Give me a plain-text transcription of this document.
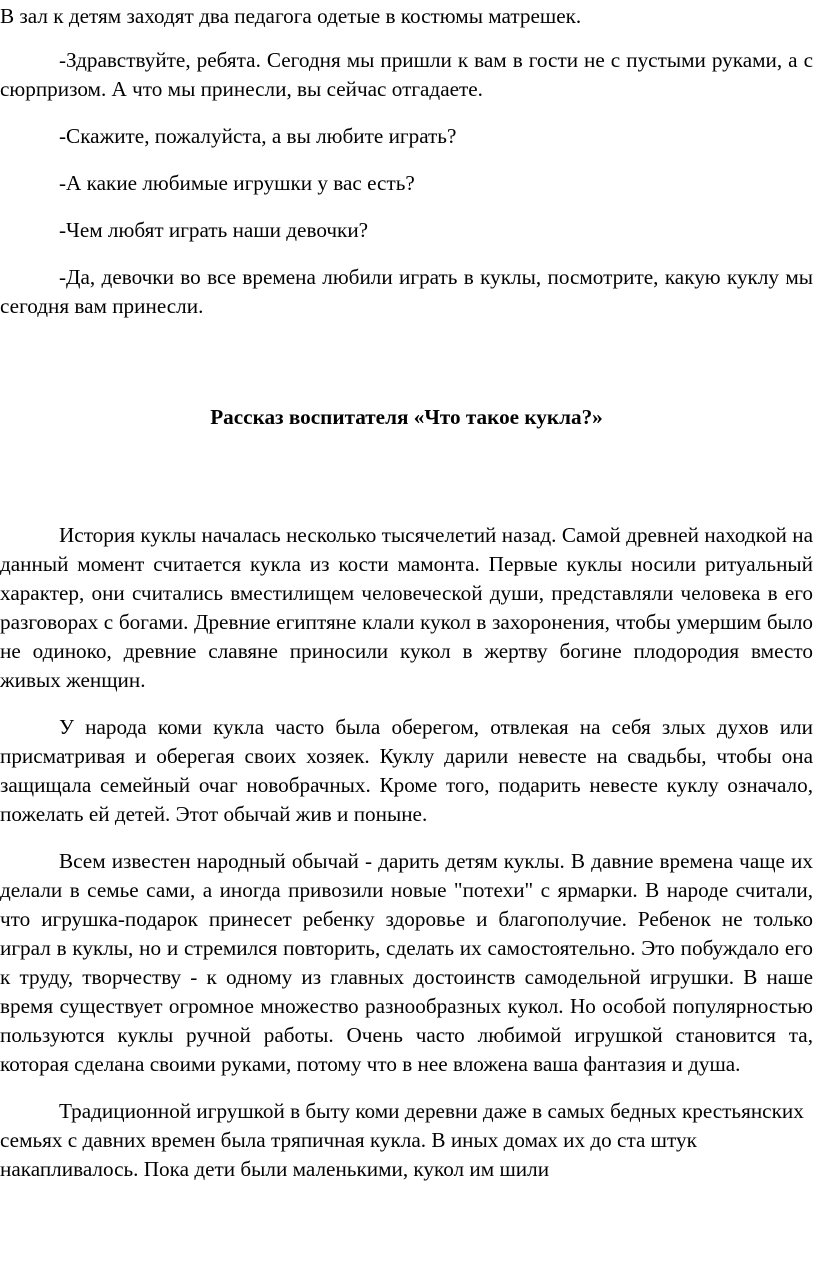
В зал к детям заходят два педагога одетые в костюмы матрешек.

-Здравствуйте, ребята. Сегодня мы пришли к вам в гости не с пустыми руками, а с сюрпризом. А что мы принесли, вы сейчас отгадаете.

-Скажите, пожалуйста, а вы любите играть?

-А какие любимые игрушки у вас есть?

-Чем любят играть наши девочки?

-Да, девочки во все времена любили играть в куклы, посмотрите, какую куклу мы сегодня вам принесли.

Рассказ воспитателя «Что такое кукла?»

История куклы началась несколько тысячелетий назад. Самой древней находкой на данный момент считается кукла из кости мамонта. Первые куклы носили ритуальный характер, они считались вместилищем человеческой души, представляли человека в его разговорах с богами. Древние египтяне клали кукол в захоронения, чтобы умершим было не одиноко, древние славяне приносили кукол в жертву богине плодородия вместо живых женщин.

У народа коми кукла часто была оберегом, отвлекая на себя злых духов или присматривая и оберегая своих хозяек. Куклу дарили невесте на свадьбы, чтобы она защищала семейный очаг новобрачных. Кроме того, подарить невесте куклу означало, пожелать ей детей. Этот обычай жив и поныне.

Всем известен народный обычай - дарить детям куклы. В давние времена чаще их делали в семье сами, а иногда привозили новые "потехи" с ярмарки. В народе считали, что игрушка-подарок принесет ребенку здоровье и благополучие. Ребенок не только играл в куклы, но и стремился повторить, сделать их самостоятельно. Это побуждало его к труду, творчеству - к одному из главных достоинств самодельной игрушки. В наше время существует огромное множество разнообразных кукол. Но особой популярностью пользуются куклы ручной работы. Очень часто любимой игрушкой становится та, которая сделана своими руками, потому что в нее вложена ваша фантазия и душа.

Традиционной игрушкой в быту коми деревни даже в самых бедных крестьянских семьях с давних времен была тряпичная кукла. В иных домах их до ста штук накапливалось. Пока дети были маленькими, кукол им шили
